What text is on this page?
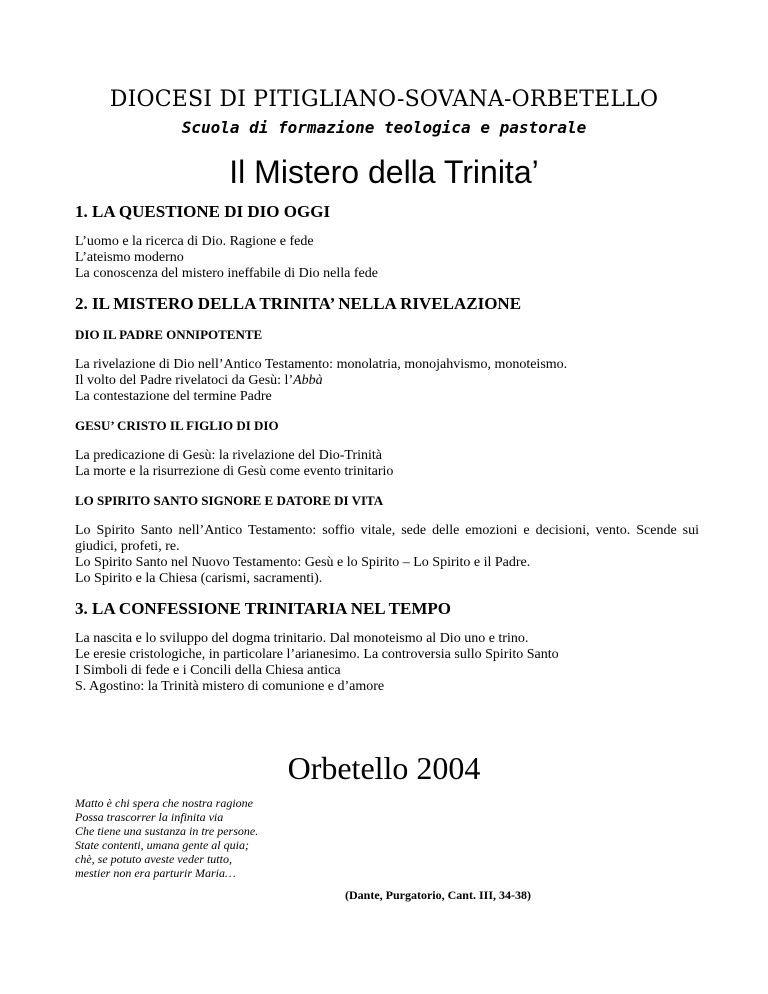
DIOCESI DI PITIGLIANO-SOVANA-ORBETELLO
Scuola di formazione teologica e pastorale
Il Mistero della Trinita’

1. LA QUESTIONE DI DIO OGGI

L’uomo e la ricerca di Dio. Ragione e fede

L’ateismo moderno

La conoscenza del mistero ineffabile di Dio nella fede

2. IL MISTERO DELLA TRINITA’ NELLA RIVELAZIONE

DIO IL PADRE ONNIPOTENTE

La rivelazione di Dio nell’Antico Testamento: monolatria, monojahvismo, monoteismo.

Il volto del Padre rivelatoci da Gesù: l’Abbà

La contestazione del termine Padre

GESU’ CRISTO IL FIGLIO DI DIO

La predicazione di Gesù: la rivelazione del Dio-Trinità

La morte e la risurrezione di Gesù come evento trinitario

LO SPIRITO SANTO SIGNORE E DATORE DI VITA

Lo Spirito Santo nell’Antico Testamento: soffio vitale, sede delle emozioni e decisioni, vento. Scende sui giudici, profeti, re.

Lo Spirito Santo nel Nuovo Testamento: Gesù e lo Spirito – Lo Spirito e il Padre.

Lo Spirito e la Chiesa (carismi, sacramenti).

3. LA CONFESSIONE TRINITARIA NEL TEMPO

La nascita e lo sviluppo del dogma trinitario. Dal monoteismo al Dio uno e trino.

Le eresie cristologiche, in particolare l’arianesimo. La controversia sullo Spirito Santo

I Simboli di fede e i Concili della Chiesa antica

S. Agostino: la Trinità mistero di comunione e d’amore

Orbetello 2004
Matto è chi spera che nostra ragione
Possa trascorrer la infinita via
Che tiene una sustanza in tre persone.
State contenti, umana gente al quia;
chè, se potuto aveste veder tutto,
mestier non era parturir Maria…
(Dante, Purgatorio, Cant. III, 34-38)
